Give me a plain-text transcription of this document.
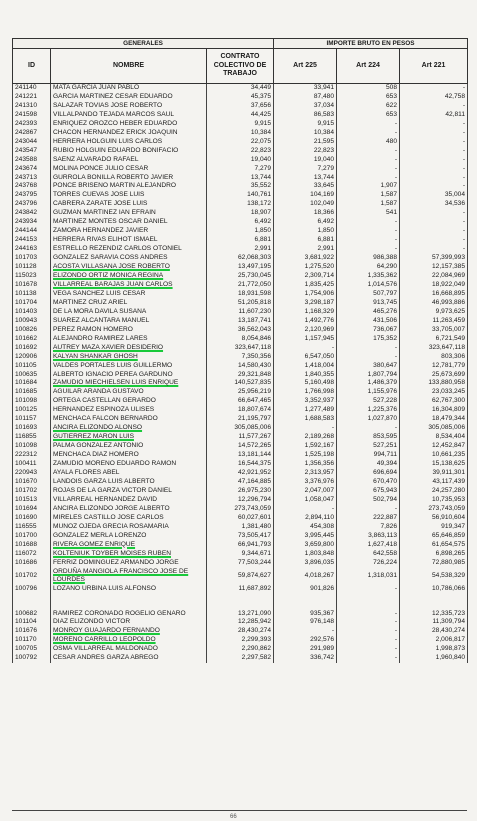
GENERALES			IMPORTE BRUTO EN PESOS		
ID	NOMBRE	CONTRATO COLECTIVO DE TRABAJO	Art 225	Art 224	Art 221
241140	MATA GARCIA JUAN PABLO	34,449	33,941	508	-
241221	GARCIA MARTINEZ CESAR EDUARDO	45,375	87,480	653	42,758
241310	SALAZAR TOVIAS JOSE ROBERTO	37,656	37,034	622	-
241598	VILLALPANDO TEJADA MARCOS SAUL	44,425	86,583	653	42,811
242393	ENRIQUEZ OROZCO HEBER EDUARDO	9,915	9,915	-	-
242867	CHACON HERNANDEZ ERICK JOAQUIN	10,384	10,384	-	-
243044	HERRERA HOLGUIN LUIS CARLOS	22,075	21,595	480	-
243547	RUBIO HOLGUIN EDUARDO BONIFACIO	22,823	22,823	-	-
243588	SAENZ ALVARADO RAFAEL	19,040	19,040	-	-
243674	MOLINA PONCE JULIO CESAR	7,279	7,279	-	-
243713	GURROLA BONILLA ROBERTO JAVIER	13,744	13,744	-	-
243768	PONCE BRISEÑO MARTIN ALEJANDRO	35,552	33,645	1,907	-
243795	TORRES CUEVAS JOSE LUIS	140,761	104,169	1,587	35,004
243796	CABRERA ZARATE JOSE LUIS	138,172	102,049	1,587	34,536
243842	GUZMAN MARTINEZ IAN EFRAIN	18,907	18,366	541	-
243934	MARTINEZ MONTES OSCAR DANIEL	6,492	6,492	-	-
244144	ZAMORA HERNANDEZ JAVIER	1,850	1,850	-	-
244153	HERRERA RIVAS ELIHOT ISMAEL	6,881	6,881	-	-
244163	ESTRELLO REZENDIZ CARLOS OTONIEL	2,991	2,991	-	-
101703	GONZALEZ SARAVIA COSS ANDRES	62,068,303	3,681,922	986,388	57,399,993
101128	ACOSTA VILLASANA JOSE ROBERTO	13,497,195	1,275,520	64,290	12,157,385
115023	ELIZONDO ORTIZ MONICA REGINA	25,730,045	2,309,714	1,335,362	22,084,969
101678	VILLARREAL BARAJAS JUAN CARLOS	21,772,050	1,835,425	1,014,576	18,922,049
101138	VEGA SANCHEZ LUIS CESAR	18,931,598	1,754,906	507,797	16,668,895
101704	MARTINEZ CRUZ ARIEL	51,205,818	3,298,187	913,745	46,993,886
101403	DE LA MORA DAVILA SUSANA	11,607,230	1,168,329	465,276	9,973,625
100943	SUAREZ ALCANTARA MANUEL	13,187,741	1,492,776	431,506	11,263,459
100826	PEREZ RAMON HOMERO	36,562,043	2,120,969	736,067	33,705,007
101662	ALEJANDRO RAMIREZ LARES	8,054,846	1,157,945	175,352	6,721,549
101692	AUTREY MAZA XAVIER DESIDERIO	323,647,118	-	-	323,647,118
120906	KALYAN SHANKAR GHOSH	7,350,356	6,547,050	-	803,306
101105	VALDES PORTALES LUIS GUILLERMO	14,580,430	1,418,004	380,647	12,781,779
100635	ALBERTO IGNACIO PEREA GARDUÑO	29,321,848	1,840,355	1,807,794	25,673,699
101684	ZAMUDIO MIECHIELSEN LUIS ENRIQUE	140,527,835	5,160,498	1,486,379	133,880,958
101685	AGUILAR ARANDA GUSTAVO	25,956,219	1,766,998	1,155,976	23,033,245
101098	ORTEGA CASTELLAN GERARDO	66,647,465	3,352,937	527,228	62,767,300
100125	HERNANDEZ ESPINOZA ULISES	18,807,674	1,277,489	1,225,376	16,304,809
101157	MENCHACA FALCON BERNARDO	21,195,797	1,688,583	1,027,870	18,479,344
101693	ANCIRA ELIZONDO ALONSO	305,085,006	-	-	305,085,006
116855	GUTIERREZ MARON LUIS	11,577,267	2,189,268	853,595	8,534,404
101098	PALMA GONZALEZ ANTONIO	14,572,265	1,592,167	527,251	12,452,847
222312	MENCHACA DIAZ HOMERO	13,181,144	1,525,198	994,711	10,661,235
100411	ZAMUDIO MORENO EDUARDO RAMON	16,544,375	1,356,356	49,394	15,138,625
220943	AYALA FLORES ABEL	42,921,952	2,313,957	696,694	39,911,301
101670	LANDOIS GARZA LUIS ALBERTO	47,164,885	3,376,976	670,470	43,117,439
101702	ROJAS DE LA GARZA VICTOR DANIEL	26,975,230	2,047,007	675,943	24,257,280
101513	VILLARREAL HERNANDEZ DAVID	12,296,794	1,058,047	502,794	10,735,953
101694	ANCIRA ELIZONDO JORGE ALBERTO	273,743,059	-	-	273,743,059
101690	MIRELES CASTILLO JOSE CARLOS	60,027,601	2,894,110	222,887	56,910,604
116555	MUÑOZ OJEDA GRECIA ROSAMARIA	1,381,480	454,308	7,826	919,347
101700	GONZALEZ MERLA LORENZO	73,505,417	3,995,445	3,863,113	65,646,859
101688	RIVERA GOMEZ ENRIQUE	66,941,793	3,659,800	1,627,418	61,654,575
116072	KOLTENIUK TOYBER MOISES RUBEN	9,344,671	1,803,848	642,558	6,898,265
101686	FERRIZ DOMINGUEZ ARMANDO JORGE	77,503,244	3,896,035	726,224	72,880,985
101702	ORDUÑA MANGIOLA FRANCISCO JOSE DE LOURDES	59,874,627	4,018,267	1,318,031	54,538,329
100796	LOZANO URBINA LUIS ALFONSO	11,687,892	901,826	-	10,786,066
100682	RAMIREZ CORONADO ROGELIO GENARO	13,271,090	935,367	-	12,335,723
101104	DIAZ ELIZONDO VICTOR	12,285,942	976,148	-	11,309,794
101676	MONROY GUAJARDO FERNANDO	28,430,274	-	-	28,430,274
101170	MORENO CARRILLO LEOPOLDO	2,299,393	292,576	-	2,006,817
100705	OSMA VILLARREAL MALDONADO	2,290,862	291,989	-	1,998,873
100792	CESAR ANDRES GARZA ABREGO	2,297,582	336,742	-	1,960,840
66
